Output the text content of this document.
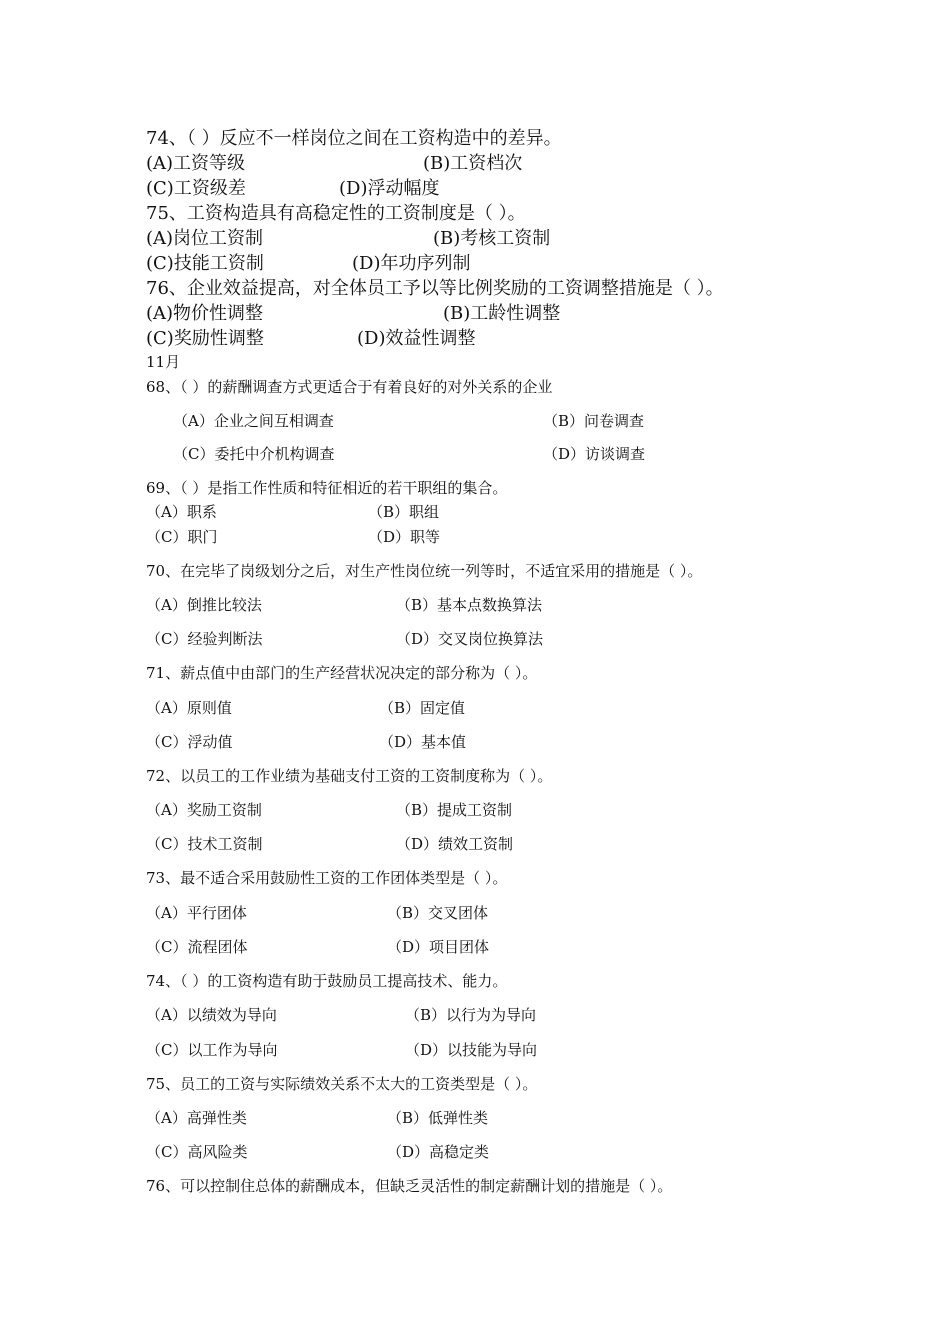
74、（ ）反应不一样岗位之间在工资构造中的差异。
(A)工资等级	(B)工资档次
(C)工资级差	(D)浮动幅度
75、工资构造具有高稳定性的工资制度是（ ）。
(A)岗位工资制	(B)考核工资制
(C)技能工资制	(D)年功序列制
76、企业效益提高，对全体员工予以等比例奖励的工资调整措施是（ ）。
(A)物价性调整	(B)工龄性调整
(C)奖励性调整	(D)效益性调整
11月
68、（ ）的薪酬调查方式更适合于有着良好的对外关系的企业
（A）企业之间互相调查	（B）问卷调查
（C）委托中介机构调查	（D）访谈调查
69、（ ）是指工作性质和特征相近的若干职组的集合。
（A）职系	（B）职组
（C）职门	（D）职等
70、在完毕了岗级划分之后，对生产性岗位统一列等时，不适宜采用的措施是（ ）。
（A）倒推比较法	（B）基本点数换算法
（C）经验判断法	（D）交叉岗位换算法
71、薪点值中由部门的生产经营状况决定的部分称为（ ）。
（A）原则值	（B）固定值
（C）浮动值	（D）基本值
72、以员工的工作业绩为基础支付工资的工资制度称为（ ）。
（A）奖励工资制	（B）提成工资制
（C）技术工资制	（D）绩效工资制
73、最不适合采用鼓励性工资的工作团体类型是（ ）。
（A）平行团体	（B）交叉团体
（C）流程团体	（D）项目团体
74、（ ）的工资构造有助于鼓励员工提高技术、能力。
（A）以绩效为导向	（B）以行为为导向
（C）以工作为导向	（D）以技能为导向
75、员工的工资与实际绩效关系不太大的工资类型是（ ）。
（A）高弹性类	（B）低弹性类
（C）高风险类	（D）高稳定类
76、可以控制住总体的薪酬成本，但缺乏灵活性的制定薪酬计划的措施是（ ）。
